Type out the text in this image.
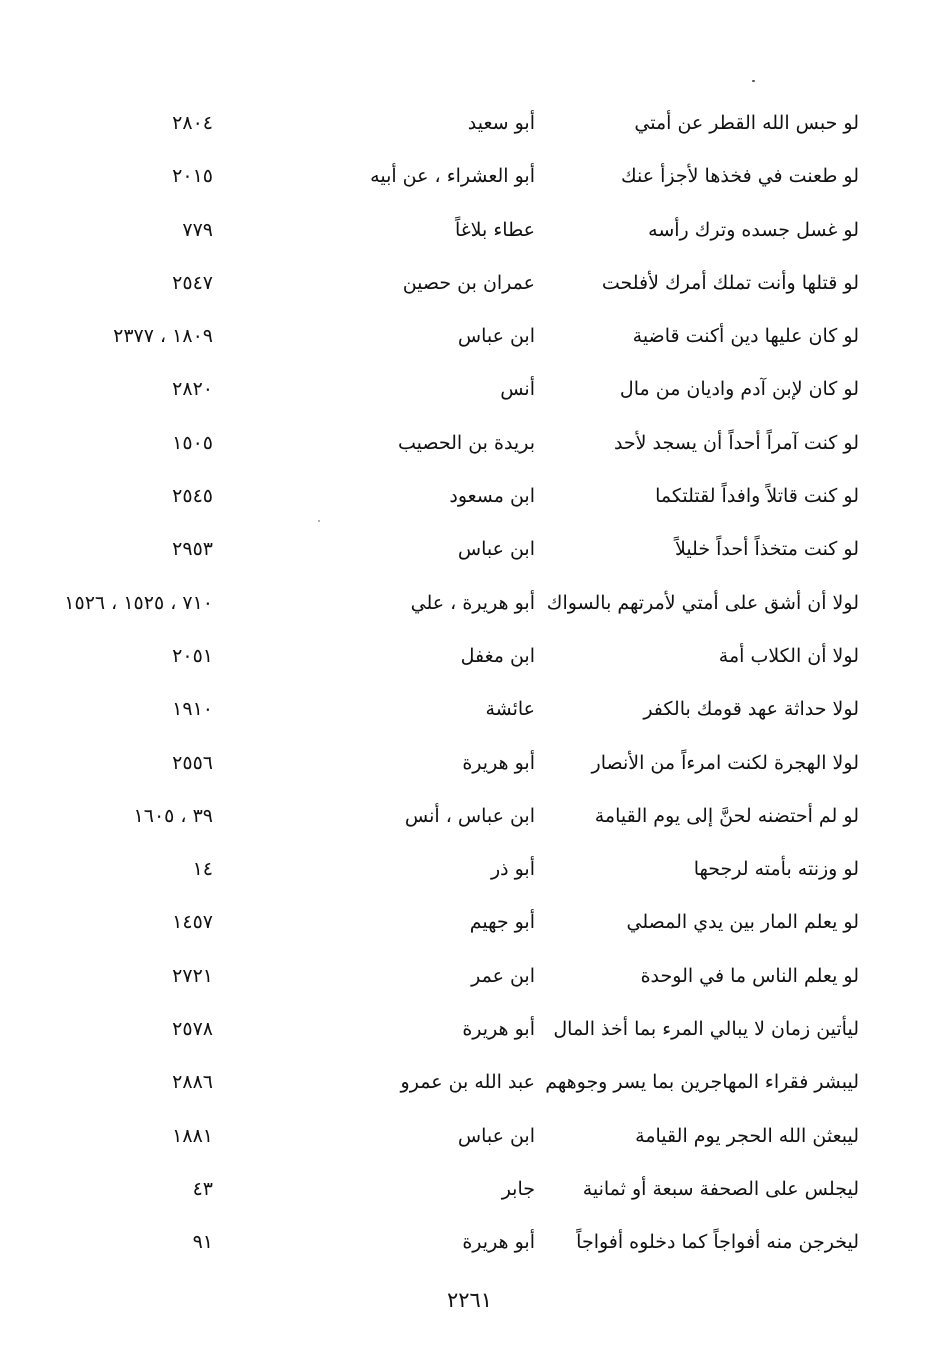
لو حبس الله القطر عن أمتي
أبو سعيد
٢٨٠٤
لو طعنت في فخذها لأجزأ عنك
أبو العشراء ، عن أبيه
٢٠١٥
لو غسل جسده وترك رأسه
عطاء بلاغاً
٧٧٩
لو قتلها وأنت تملك أمرك لأفلحت
عمران بن حصين
٢٥٤٧
لو كان عليها دين أكنت قاضية
ابن عباس
١٨٠٩ ، ٢٣٧٧
لو كان لإبن آدم واديان من مال
أنس
٢٨٢٠
لو كنت آمراً أحداً أن يسجد لأحد
بريدة بن الحصيب
١٥٠٥
لو كنت قاتلاً وافداً لقتلتكما
ابن مسعود
٢٥٤٥
لو كنت متخذاً أحداً خليلاً
ابن عباس
٢٩٥٣
لولا أن أشق على أمتي لأمرتهم بالسواك
أبو هريرة ، علي
٧١٠ ، ١٥٢٥ ، ١٥٢٦
لولا أن الكلاب أمة
ابن مغفل
٢٠٥١
لولا حداثة عهد قومك بالكفر
عائشة
١٩١٠
لولا الهجرة لكنت امرءاً من الأنصار
أبو هريرة
٢٥٥٦
لو لم أحتضنه لحنَّ إلى يوم القيامة
ابن عباس ، أنس
٣٩ ، ١٦٠٥
لو وزنته بأمته لرجحها
أبو ذر
١٤
لو يعلم المار بين يدي المصلي
أبو جهيم
١٤٥٧
لو يعلم الناس ما في الوحدة
ابن عمر
٢٧٢١
ليأتين زمان لا يبالي المرء بما أخذ المال
أبو هريرة
٢٥٧٨
ليبشر فقراء المهاجرين بما يسر وجوههم
عبد الله بن عمرو
٢٨٨٦
ليبعثن الله الحجر يوم القيامة
ابن عباس
١٨٨١
ليجلس على الصحفة سبعة أو ثمانية
جابر
٤٣
ليخرجن منه أفواجاً كما دخلوه أفواجاً
أبو هريرة
٩١
٢٢٦١
